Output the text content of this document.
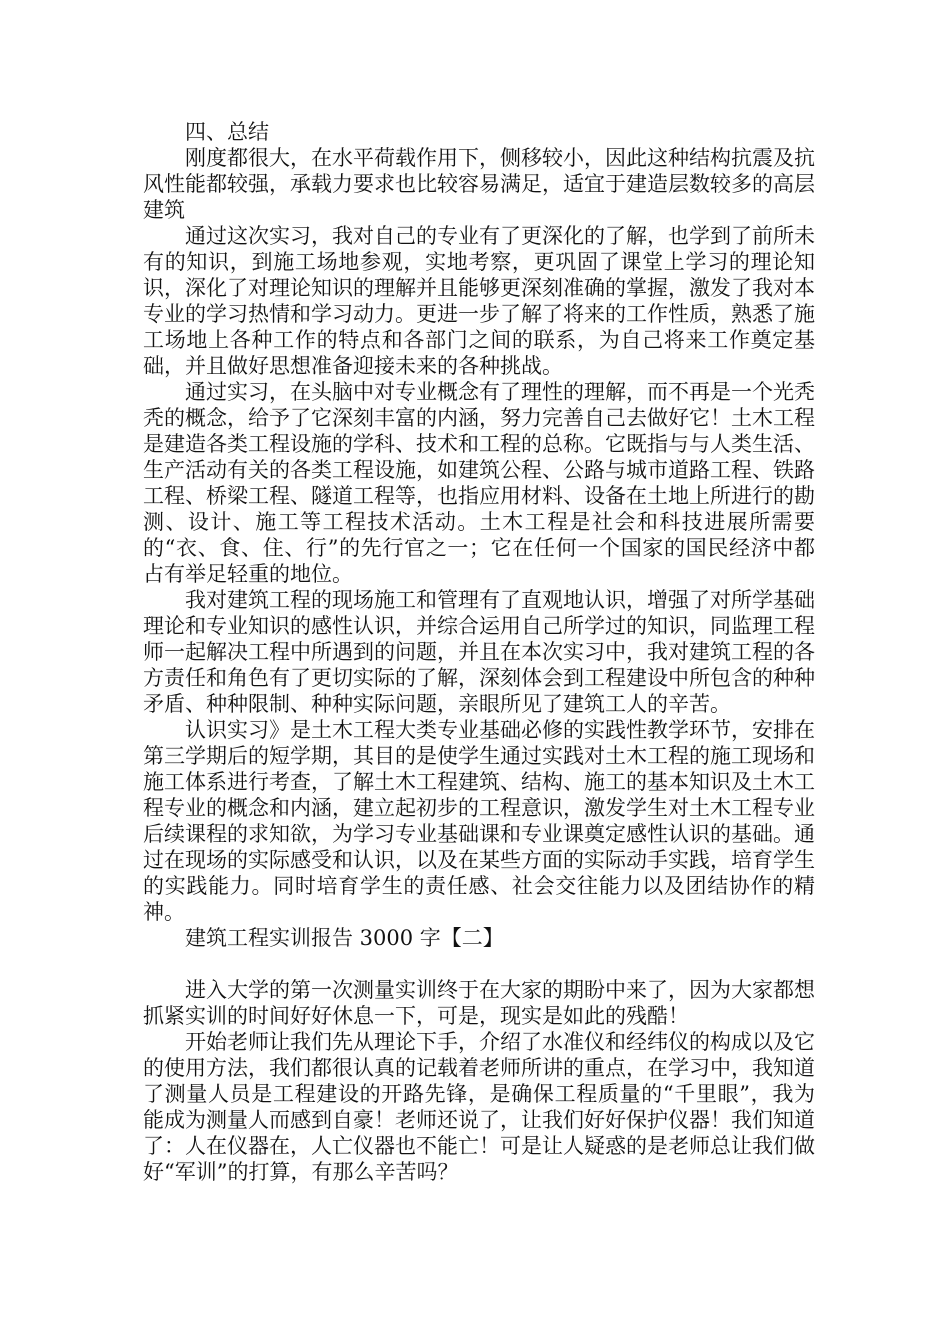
四、总结

刚度都很大，在水平荷载作用下，侧移较小，因此这种结构抗震及抗风性能都较强，承载力要求也比较容易满足，适宜于建造层数较多的高层建筑

通过这次实习，我对自己的专业有了更深化的了解，也学到了前所未有的知识，到施工场地参观，实地考察，更巩固了课堂上学习的理论知识，深化了对理论知识的理解并且能够更深刻准确的掌握，激发了我对本专业的学习热情和学习动力。更进一步了解了将来的工作性质，熟悉了施工场地上各种工作的特点和各部门之间的联系，为自己将来工作奠定基础，并且做好思想准备迎接未来的各种挑战。

通过实习，在头脑中对专业概念有了理性的理解，而不再是一个光秃秃的概念，给予了它深刻丰富的内涵，努力完善自己去做好它！土木工程是建造各类工程设施的学科、技术和工程的总称。它既指与与人类生活、生产活动有关的各类工程设施，如建筑公程、公路与城市道路工程、铁路工程、桥梁工程、隧道工程等，也指应用材料、设备在土地上所进行的勘测、设计、施工等工程技术活动。土木工程是社会和科技进展所需要的“衣、食、住、行”的先行官之一；它在任何一个国家的国民经济中都占有举足轻重的地位。

我对建筑工程的现场施工和管理有了直观地认识，增强了对所学基础理论和专业知识的感性认识，并综合运用自己所学过的知识，同监理工程师一起解决工程中所遇到的问题，并且在本次实习中，我对建筑工程的各方责任和角色有了更切实际的了解，深刻体会到工程建设中所包含的种种矛盾、种种限制、种种实际问题，亲眼所见了建筑工人的辛苦。

认识实习》是土木工程大类专业基础必修的实践性教学环节，安排在第三学期后的短学期，其目的是使学生通过实践对土木工程的施工现场和施工体系进行考查，了解土木工程建筑、结构、施工的基本知识及土木工程专业的概念和内涵，建立起初步的工程意识，激发学生对土木工程专业后续课程的求知欲，为学习专业基础课和专业课奠定感性认识的基础。通过在现场的实际感受和认识，以及在某些方面的实际动手实践，培育学生的实践能力。同时培育学生的责任感、社会交往能力以及团结协作的精神。

建筑工程实训报告 3000 字【二】

进入大学的第一次测量实训终于在大家的期盼中来了，因为大家都想抓紧实训的时间好好休息一下，可是，现实是如此的残酷！

开始老师让我们先从理论下手，介绍了水准仪和经纬仪的构成以及它的使用方法，我们都很认真的记载着老师所讲的重点，在学习中，我知道了测量人员是工程建设的开路先锋，是确保工程质量的“千里眼”，我为能成为测量人而感到自豪！老师还说了，让我们好好保护仪器！我们知道了：人在仪器在，人亡仪器也不能亡！可是让人疑惑的是老师总让我们做好“军训”的打算，有那么辛苦吗？
